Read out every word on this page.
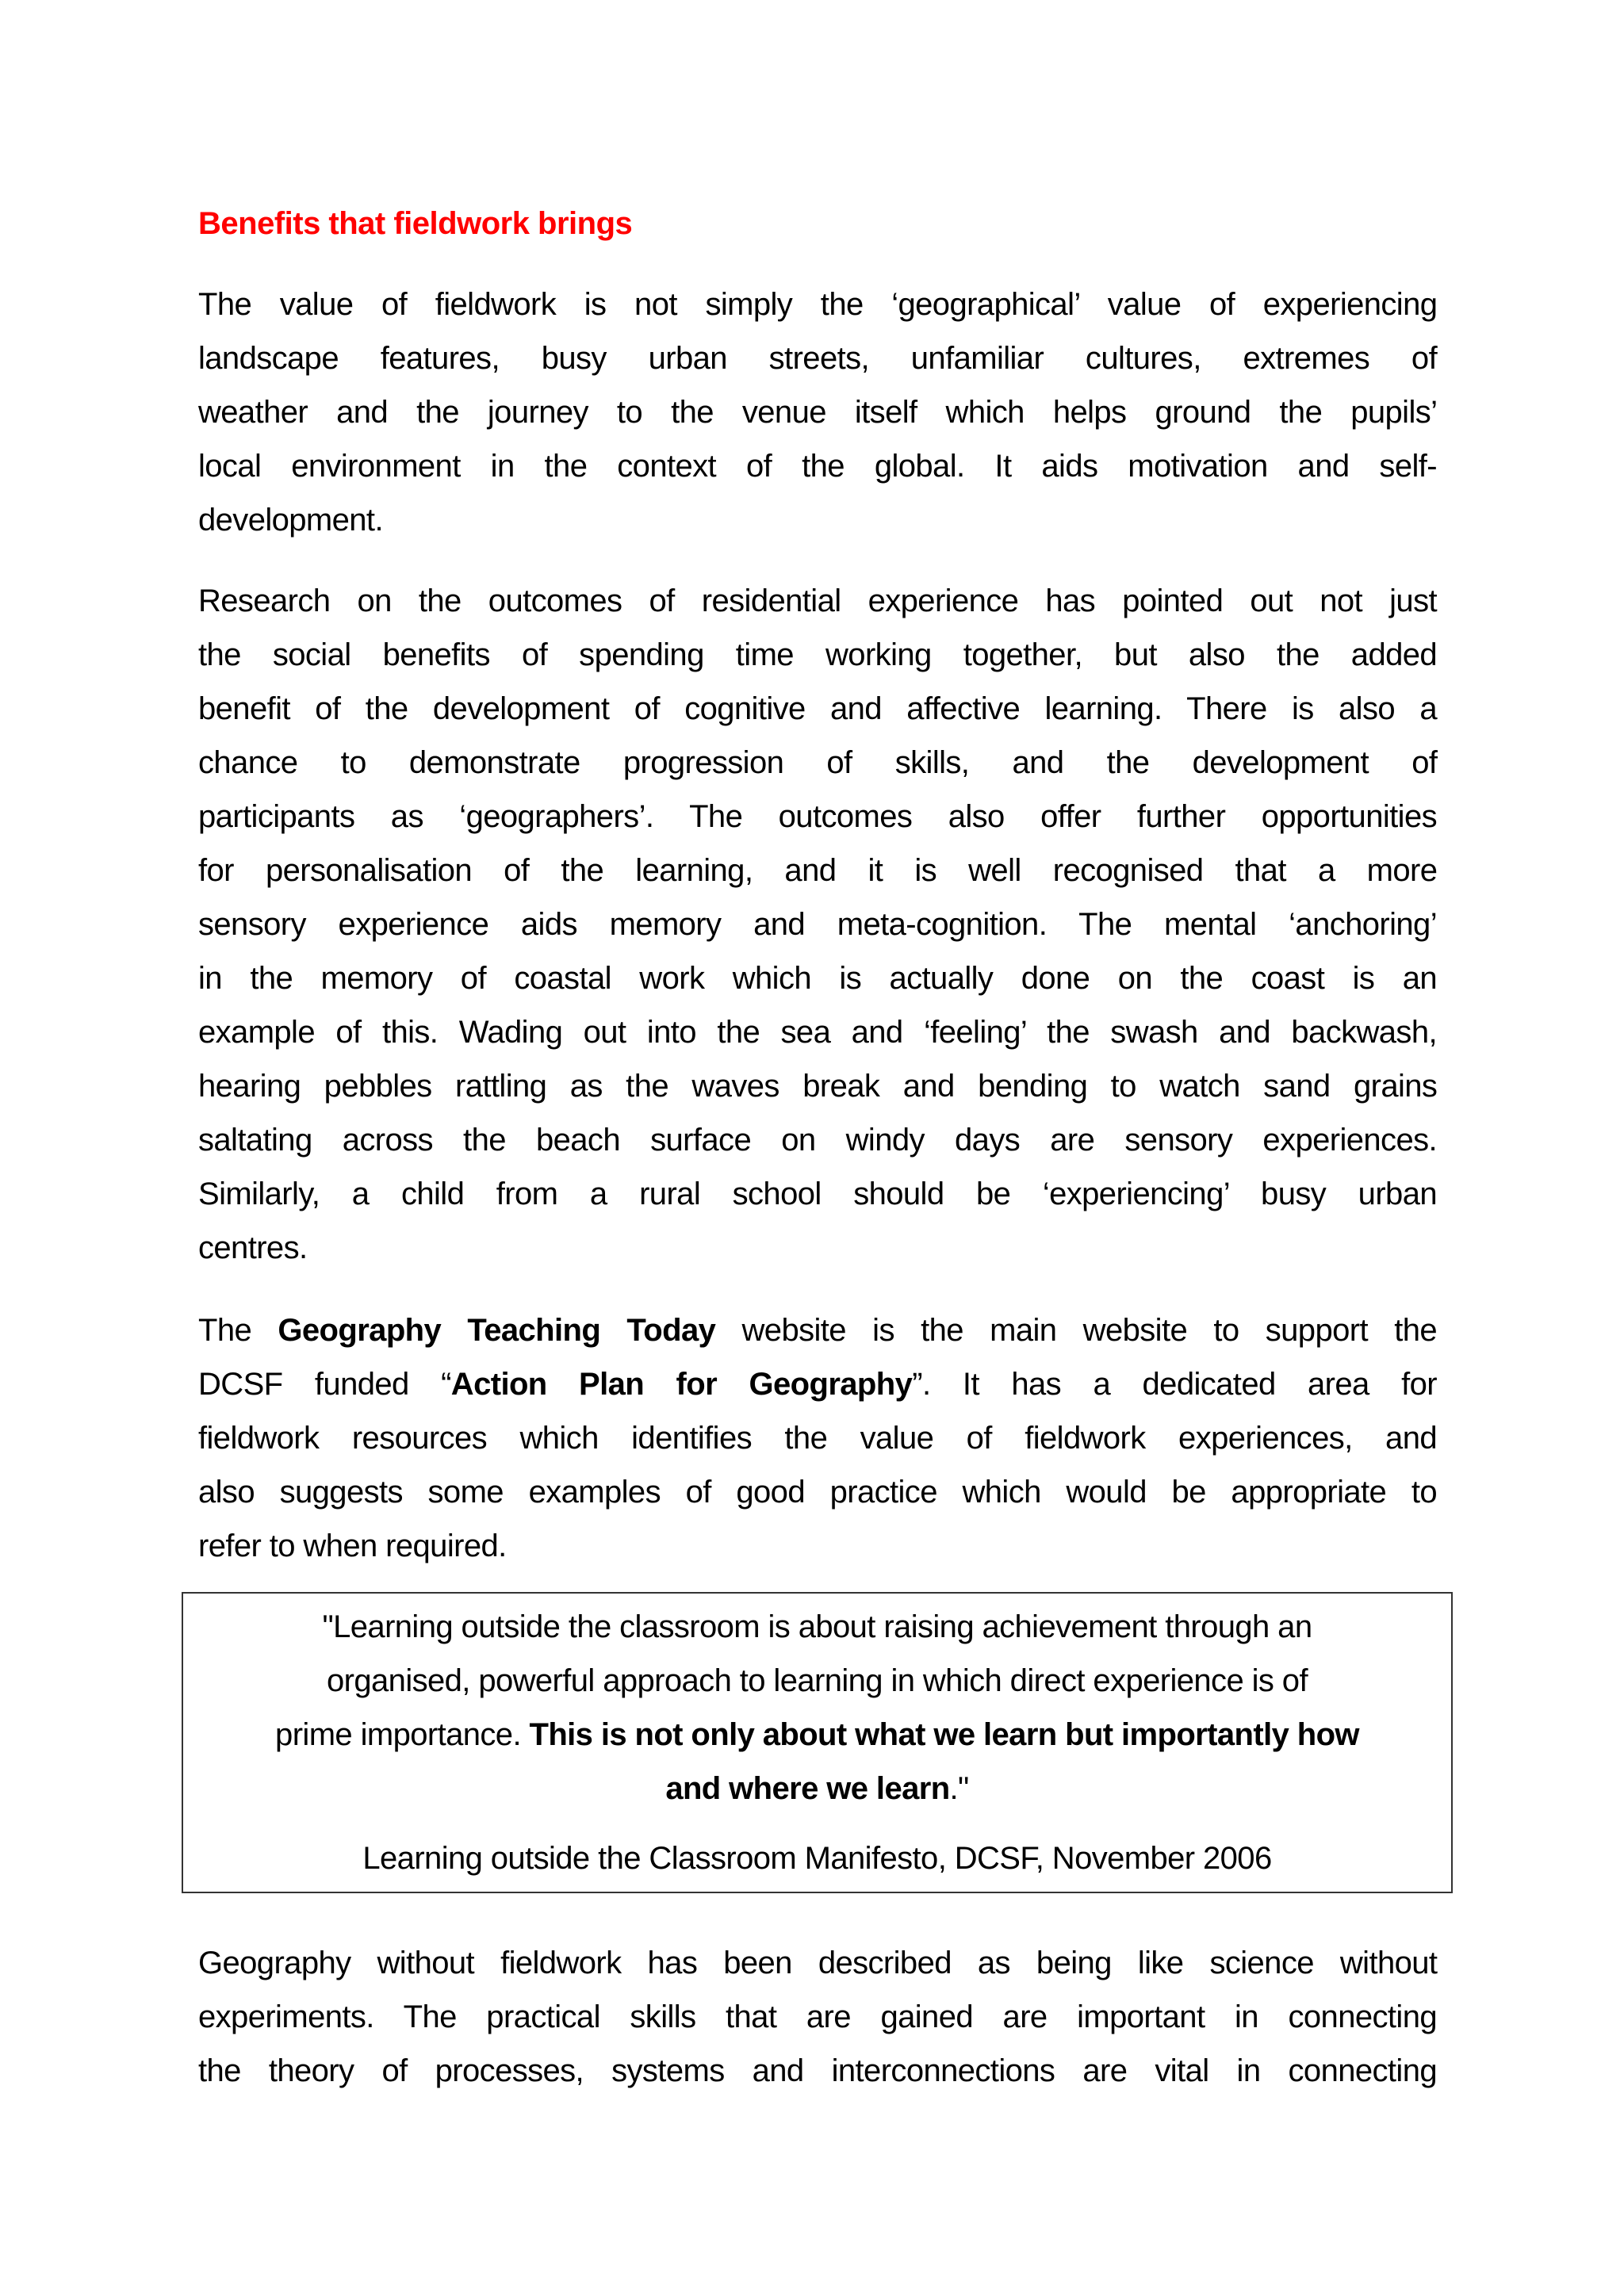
Benefits that fieldwork brings
The value of fieldwork is not simply the ‘geographical’ value of experiencing
landscape features, busy urban streets, unfamiliar cultures, extremes of
weather and the journey to the venue itself which helps ground the pupils’
local environment in the context of the global. It aids motivation and self-
development.
Research on the outcomes of residential experience has pointed out not just
the social benefits of spending time working together, but also the added
benefit of the development of cognitive and affective learning. There is also a
chance to demonstrate progression of skills, and the development of
participants as ‘geographers’. The outcomes also offer further opportunities
for personalisation of the learning, and it is well recognised that a more
sensory experience aids memory and meta-cognition. The mental ‘anchoring’
in the memory of coastal work which is actually done on the coast is an
example of this. Wading out into the sea and ‘feeling’ the swash and backwash,
hearing pebbles rattling as the waves break and bending to watch sand grains
saltating across the beach surface on windy days are sensory experiences.
Similarly, a child from a rural school should be ‘experiencing’ busy urban
centres.
The Geography Teaching Today website is the main website to support the
DCSF funded “Action Plan for Geography”. It has a dedicated area for
fieldwork resources which identifies the value of fieldwork experiences, and
also suggests some examples of good practice which would be appropriate to
refer to when required.
Geography without fieldwork has been described as being like science without
experiments. The practical skills that are gained are important in connecting
the theory of processes, systems and interconnections are vital in connecting
"Learning outside the classroom is about raising achievement through an
organised, powerful approach to learning in which direct experience is of
prime importance. This is not only about what we learn but importantly how
and where we learn."
Learning outside the Classroom Manifesto, DCSF, November 2006
